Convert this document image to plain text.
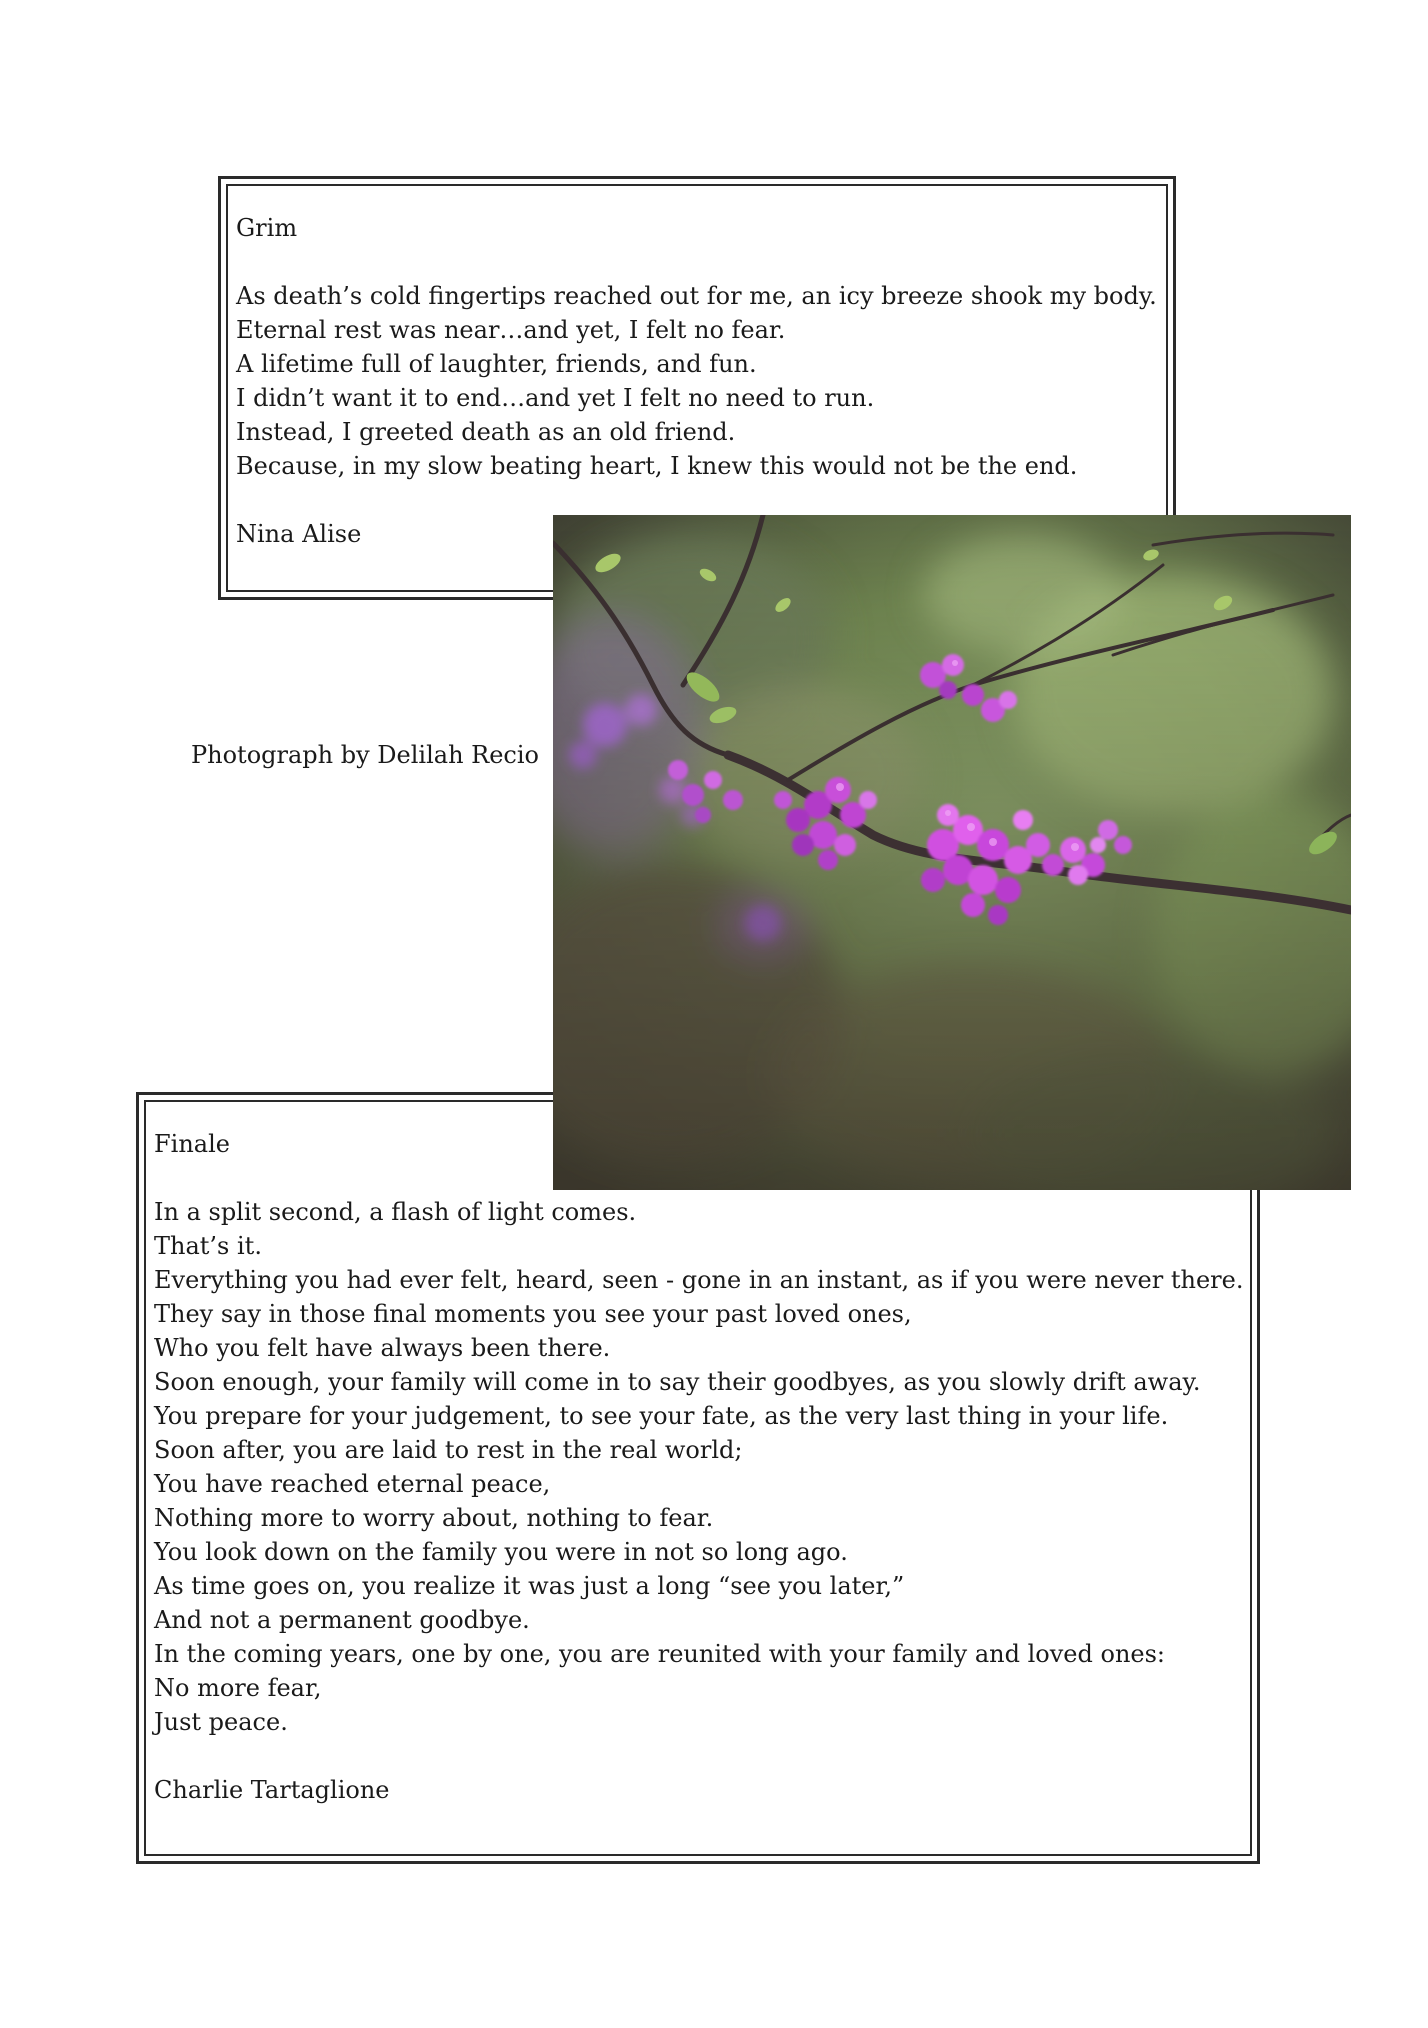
Grim
As death’s cold fingertips reached out for me, an icy breeze shook my body.
Eternal rest was near…and yet, I felt no fear.
A lifetime full of laughter, friends, and fun.
I didn’t want it to end…and yet I felt no need to run.
Instead, I greeted death as an old friend.
Because, in my slow beating heart, I knew this would not be the end.
Nina Alise
Finale
In a split second, a flash of light comes.
That’s it.
Everything you had ever felt, heard, seen - gone in an instant, as if you were never there.
They say in those final moments you see your past loved ones,
Who you felt have always been there.
Soon enough, your family will come in to say their goodbyes, as you slowly drift away.
You prepare for your judgement, to see your fate, as the very last thing in your life.
Soon after, you are laid to rest in the real world;
You have reached eternal peace,
Nothing more to worry about, nothing to fear.
You look down on the family you were in not so long ago.
As time goes on, you realize it was just a long “see you later,”
And not a permanent goodbye.
In the coming years, one by one, you are reunited with your family and loved ones:
No more fear,
Just peace.
Charlie Tartaglione
Photograph by Delilah Recio
